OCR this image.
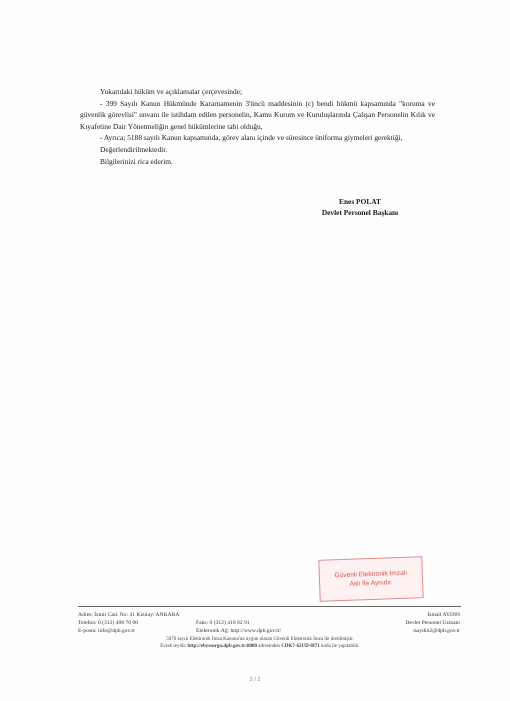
Yukarıdaki hüküm ve açıklamalar çerçevesinde;

- 399 Sayılı Kanun Hükmünde Kararnamenin 3'üncü maddesinin (c) bendi hükmü kapsamında "koruma ve güvenlik görevlisi" unvanı ile istihdam edilen personelin, Kamu Kurum ve Kuruluşlarında Çalışan Personelin Kılık ve Kıyafetine Dair Yönetmeliğin genel hükümlerine tabi olduğu,

- Ayrıca; 5188 sayılı Kanun kapsamında, görev alanı içinde ve süresince üniforma giymeleri gerektiği,

Değerlendirilmektedir.

Bilgilerinizi rica ederim.

Enes POLAT
Devlet Personel Başkanı
Güvenli Elektronik İmzalı
Aslı İle Aynıdır.
Adres: İzmir Cad. No: 41 Kızılay/ ANKARA
Telefon: 0 (312) 408 70 00	Faks: 0 (312) 418 82 91
E-posta: info@dpb.gov.tr	Elektronik Ağ: http://www.dpb.gov.tr/
İsmail AYDIN
Devlet Personel Uzmanı
isaydin2@dpb.gov.tr
5070 sayılı Elektronik İmza Kanunu'na uygun olarak Güvenli Elektronik İmza ile üretilmiştir.
Evrak teyidi: http://ebyssorgu.dpb.gov.tr:8080 adresinden CDK7-62UD-8I71 koda ile yapılabilir.
2 / 2
